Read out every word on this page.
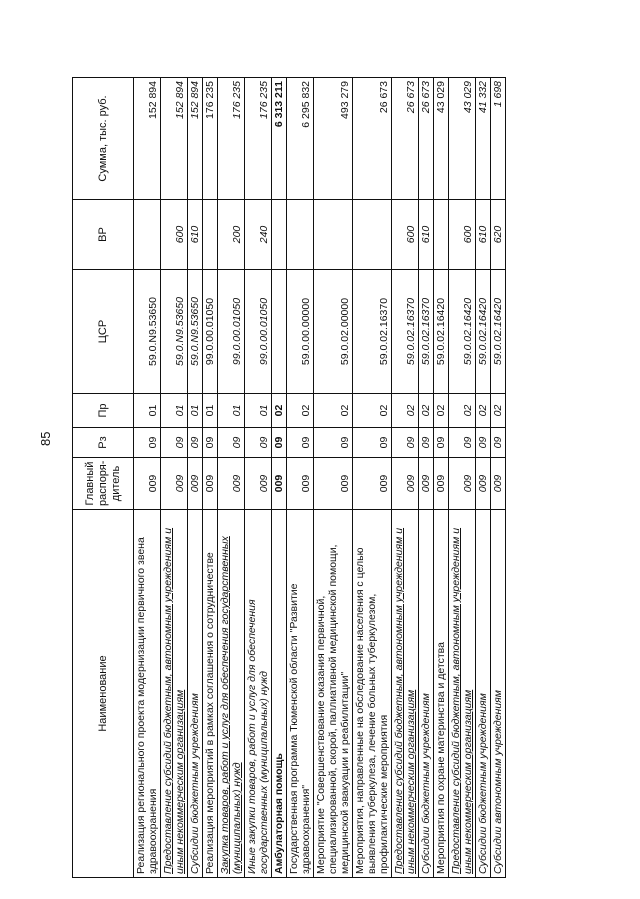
85
Наименование	Главный распоря-дитель	Рз	Пр	ЦСР	ВР	Сумма, тыс. руб.
Реализация регионального проекта модернизации первичного звена здравоохранения	009	09	01	59.0.N9.53650		152 894
Предоставление субсидий бюджетным, автономным учреждениям и иным некоммерческим организациям	009	09	01	59.0.N9.53650	600	152 894
Субсидии бюджетным учреждениям	009	09	01	59.0.N9.53650	610	152 894
Реализация мероприятий в рамках соглашения о сотрудничестве	009	09	01	99.0.00.01050		176 235
Закупка товаров, работ и услуг для обеспечения государственных (муниципальных) нужд	009	09	01	99.0.00.01050	200	176 235
Иные закупки товаров, работ и услуг для обеспечения государственных (муниципальных) нужд	009	09	01	99.0.00.01050	240	176 235
Амбулаторная помощь	009	09	02			6 313 211
Государственная программа Тюменской области "Развитие здравоохранения"	009	09	02	59.0.00.00000		6 295 832
Мероприятие "Совершенствование оказания первичной, специализированной, скорой, паллиативной медицинской помощи, медицинской эвакуации и реабилитации"	009	09	02	59.0.02.00000		493 279
Мероприятия, направленные на обследование населения с целью выявления туберкулеза, лечение больных туберкулезом, профилактические мероприятия	009	09	02	59.0.02.16370		26 673
Предоставление субсидий бюджетным, автономным учреждениям и иным некоммерческим организациям	009	09	02	59.0.02.16370	600	26 673
Субсидии бюджетным учреждениям	009	09	02	59.0.02.16370	610	26 673
Мероприятия по охране материнства и детства	009	09	02	59.0.02.16420		43 029
Предоставление субсидий бюджетным, автономным учреждениям и иным некоммерческим организациям	009	09	02	59.0.02.16420	600	43 029
Субсидии бюджетным учреждениям	009	09	02	59.0.02.16420	610	41 332
Субсидии автономным учреждениям	009	09	02	59.0.02.16420	620	1 698
